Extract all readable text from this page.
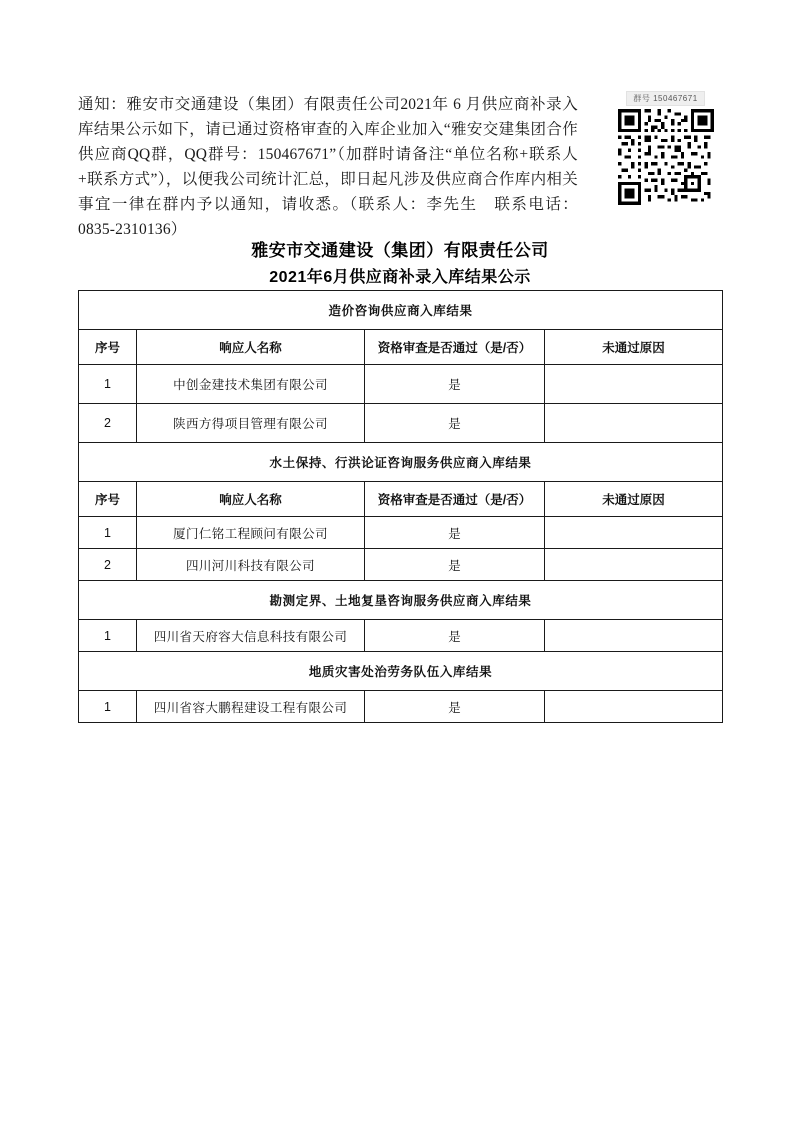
通知：雅安市交通建设（集团）有限责任公司2021年 6 月供应商补录入库结果公示如下，请已通过资格审查的入库企业加入“雅安交建集团合作供应商QQ群，QQ群号：150467671”（加群时请备注“单位名称+联系人+联系方式”），以便我公司统计汇总，即日起凡涉及供应商合作库内相关事宜一律在群内予以通知，请收悉。（联系人：李先生　联系电话：0835-2310136）
群号 150467671
雅安市交通建设（集团）有限责任公司
2021年6月供应商补录入库结果公示
造价咨询供应商入库结果			
序号	响应人名称	资格审查是否通过（是/否）	未通过原因
1	中创金建技术集团有限公司	是	
2	陕西方得项目管理有限公司	是	
水土保持、行洪论证咨询服务供应商入库结果			
序号	响应人名称	资格审查是否通过（是/否）	未通过原因
1	厦门仁铭工程顾问有限公司	是	
2	四川河川科技有限公司	是	
勘测定界、土地复垦咨询服务供应商入库结果			
1	四川省天府容大信息科技有限公司	是	
地质灾害处治劳务队伍入库结果			
1	四川省容大鹏程建设工程有限公司	是	
